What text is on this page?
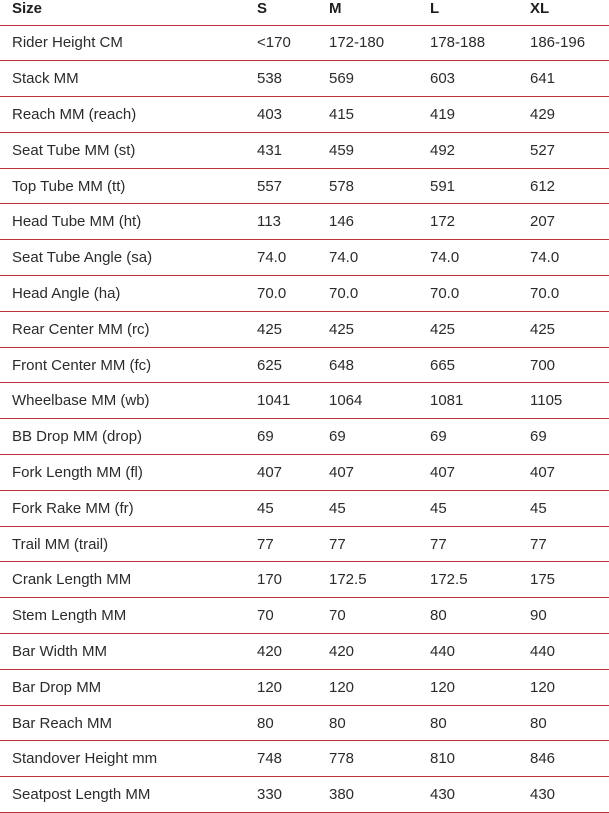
Size	S	M	L	XL
Rider Height CM	<170	172-180	178-188	186-196
Stack MM	538	569	603	641
Reach MM (reach)	403	415	419	429
Seat Tube MM (st)	431	459	492	527
Top Tube MM (tt)	557	578	591	612
Head Tube MM (ht)	113	146	172	207
Seat Tube Angle (sa)	74.0	74.0	74.0	74.0
Head Angle (ha)	70.0	70.0	70.0	70.0
Rear Center MM (rc)	425	425	425	425
Front Center MM (fc)	625	648	665	700
Wheelbase MM (wb)	1041	1064	1081	1105
BB Drop MM (drop)	69	69	69	69
Fork Length MM (fl)	407	407	407	407
Fork Rake MM (fr)	45	45	45	45
Trail MM (trail)	77	77	77	77
Crank Length MM	170	172.5	172.5	175
Stem Length MM	70	70	80	90
Bar Width MM	420	420	440	440
Bar Drop MM	120	120	120	120
Bar Reach MM	80	80	80	80
Standover Height mm	748	778	810	846
Seatpost Length MM	330	380	430	430
